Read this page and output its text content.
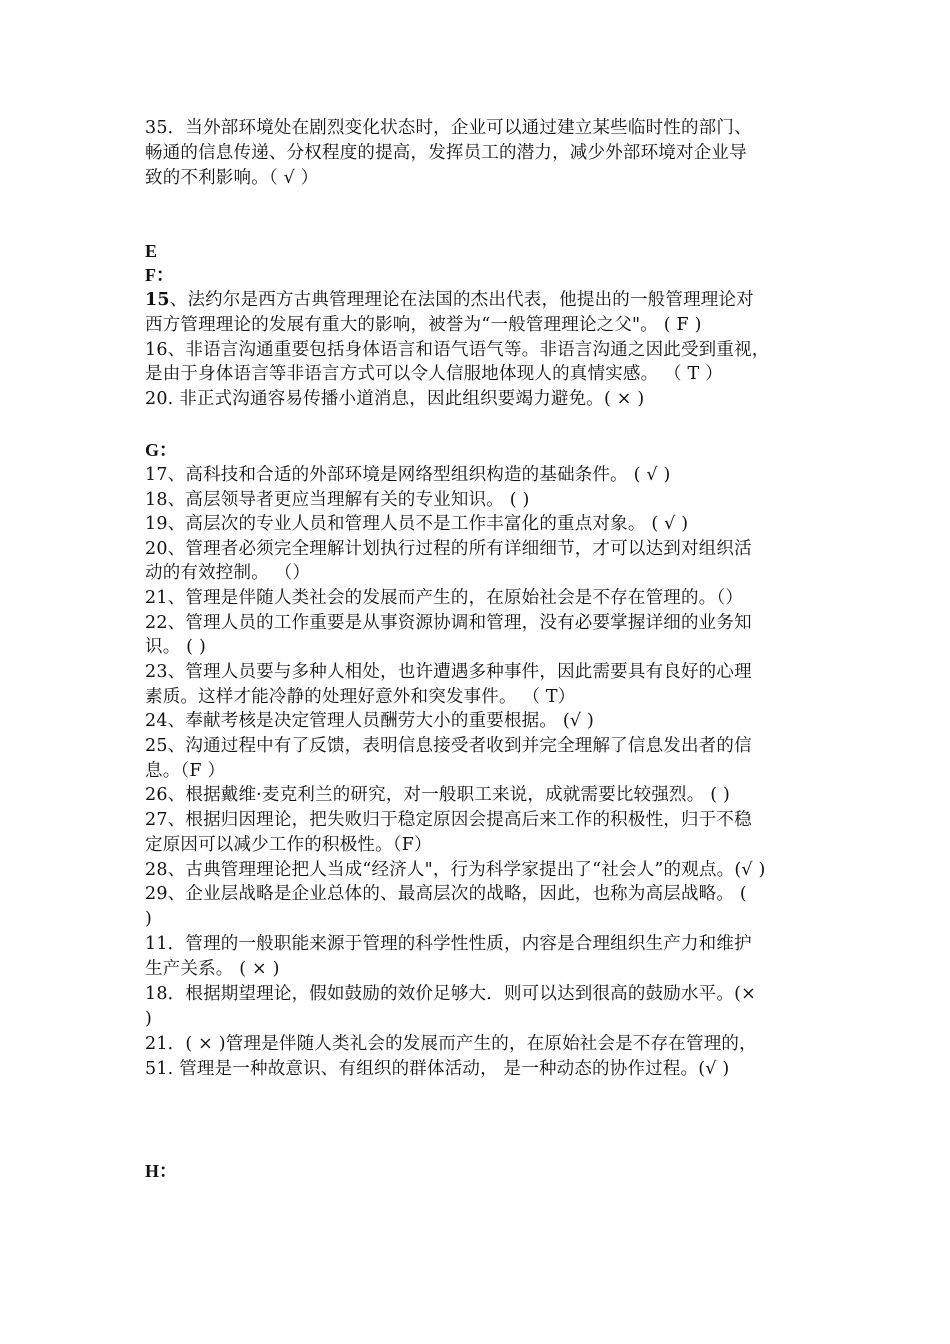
35．当外部环境处在剧烈变化状态时，企业可以通过建立某些临时性的部门、
畅通的信息传递、分权程度的提高，发挥员工的潜力，减少外部环境对企业导
致的不利影响。（ √ ）
E
F：
15、法约尔是西方古典管理理论在法国的杰出代表，他提出的一般管理理论对
西方管理理论的发展有重大的影响，被誉为“一般管理理论之父"。 ( F )
16、非语言沟通重要包括身体语言和语气语气等。非语言沟通之因此受到重视，
是由于身体语言等非语言方式可以令人信服地体现人的真情实感。 （ T ）
20. 非正式沟通容易传播小道消息，因此组织要竭力避免。( × )
G：
17、高科技和合适的外部环境是网络型组织构造的基础条件。 ( √ )
18、高层领导者更应当理解有关的专业知识。 ( )
19、高层次的专业人员和管理人员不是工作丰富化的重点对象。 ( √ )
20、管理者必须完全理解计划执行过程的所有详细细节，才可以达到对组织活
动的有效控制。 （）
21、管理是伴随人类社会的发展而产生的，在原始社会是不存在管理的。（）
22、管理人员的工作重要是从事资源协调和管理，没有必要掌握详细的业务知
识。 ( )
23、管理人员要与多种人相处，也许遭遇多种事件，因此需要具有良好的心理
素质。这样才能冷静的处理好意外和突发事件。 （ T）
24、奉献考核是决定管理人员酬劳大小的重要根据。 (√ )
25、沟通过程中有了反馈，表明信息接受者收到并完全理解了信息发出者的信
息。（F ）
26、根据戴维·麦克利兰的研究，对一般职工来说，成就需要比较强烈。 ( )
27、根据归因理论，把失败归于稳定原因会提高后来工作的积极性，归于不稳
定原因可以减少工作的积极性。（F）
28、古典管理理论把人当成“经济人"，行为科学家提出了“社会人”的观点。(√ )
29、企业层战略是企业总体的、最高层次的战略，因此，也称为高层战略。 (
)
11．管理的一般职能来源于管理的科学性性质，内容是合理组织生产力和维护
生产关系。 ( × )
18．根据期望理论，假如鼓励的效价足够大．则可以达到很高的鼓励水平。(×
)
21．( × )管理是伴随人类礼会的发展而产生的，在原始社会是不存在管理的，
51. 管理是一种故意识、有组织的群体活动， 是一种动态的协作过程。(√ )
H：
